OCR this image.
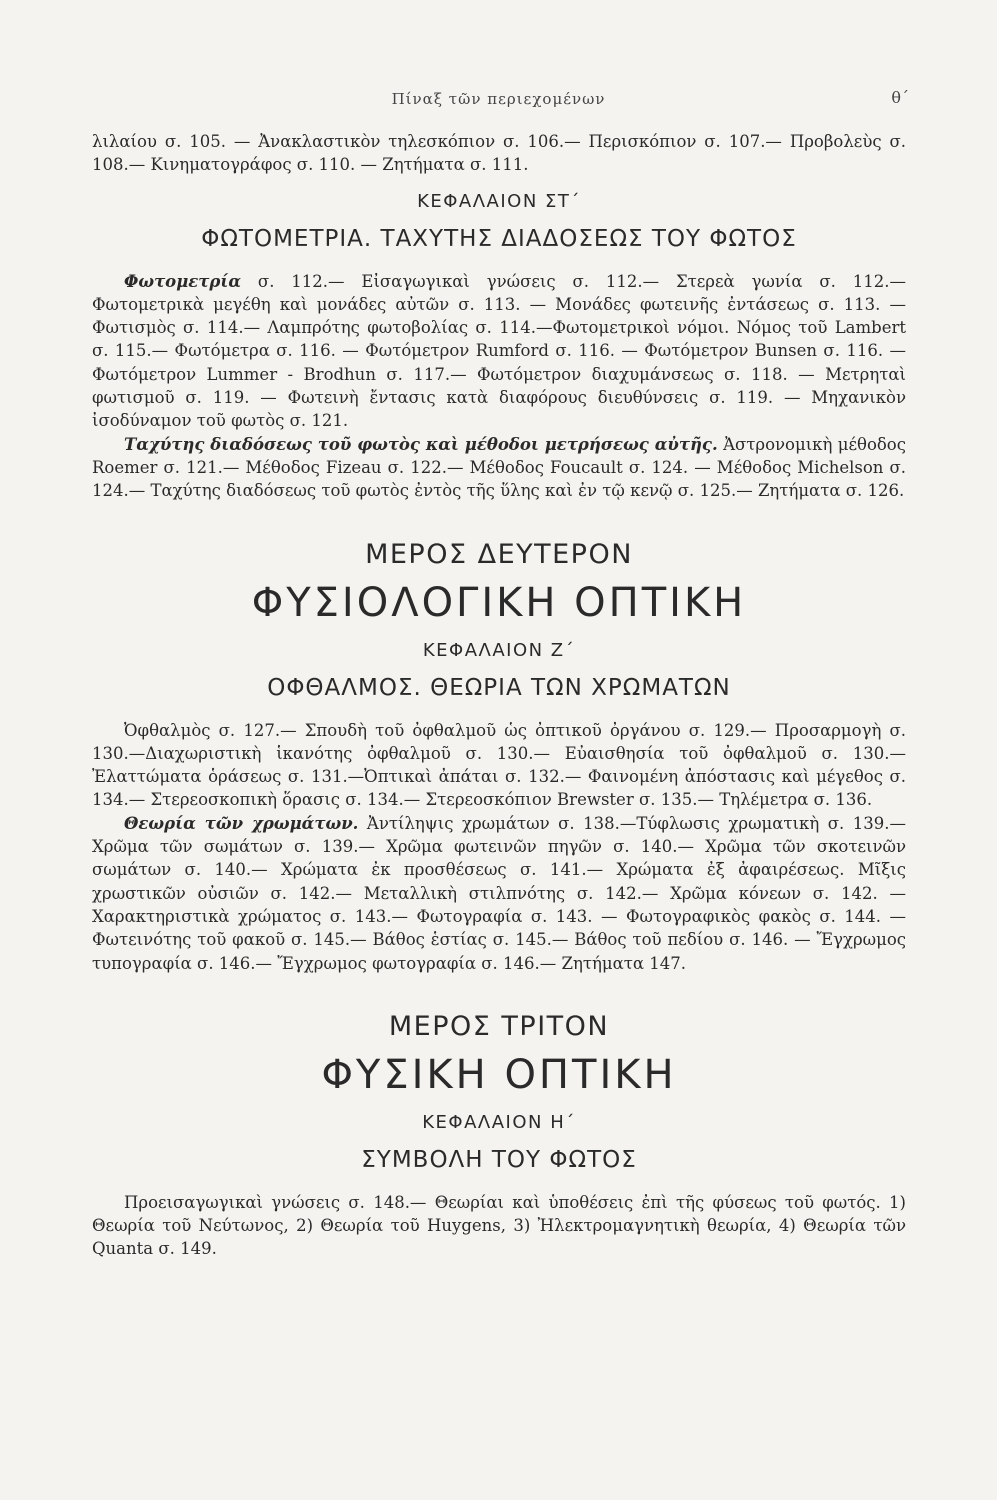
Πίναξ τῶν περιεχομένων	θ΄

λιλαίου σ. 105. — Ἀνακλαστικὸν τηλεσκόπιον σ. 106.— Περισκόπιον σ. 107.— Προβολεὺς σ. 108.— Κινηματογράφος σ. 110. — Ζητήματα σ. 111.

ΚΕΦΑΛΑΙΟΝ ΣΤ΄
ΦΩΤΟΜΕΤΡΙΑ. ΤΑΧΥΤΗΣ ΔΙΑΔΟΣΕΩΣ ΤΟΥ ΦΩΤΟΣ

Φωτομετρία σ. 112.— Εἰσαγωγικαὶ γνώσεις σ. 112.— Στερεὰ γωνία σ. 112.— Φωτομετρικὰ μεγέθη καὶ μονάδες αὐτῶν σ. 113. — Μονάδες φωτεινῆς ἐντάσεως σ. 113. — Φωτισμὸς σ. 114.— Λαμπρότης φωτοβολίας σ. 114.—Φωτομετρικοὶ νόμοι. Νόμος τοῦ Lambert σ. 115.— Φωτόμετρα σ. 116. — Φωτόμετρον Rumford σ. 116. — Φωτόμετρον Bunsen σ. 116. — Φωτόμετρον Lummer - Brodhun σ. 117.— Φωτόμετρον διαχυμάνσεως σ. 118. — Μετρηταὶ φωτισμοῦ σ. 119. — Φωτεινὴ ἔντασις κατὰ διαφόρους διευθύνσεις σ. 119. — Μηχανικὸν ἰσοδύναμον τοῦ φωτὸς σ. 121.

Ταχύτης διαδόσεως τοῦ φωτὸς καὶ μέθοδοι μετρήσεως αὐτῆς. Ἀστρονομικὴ μέθοδος Roemer σ. 121.— Μέθοδος Fizeau σ. 122.— Μέθοδος Foucault σ. 124. — Μέθοδος Michelson σ. 124.— Ταχύτης διαδόσεως τοῦ φωτὸς ἐντὸς τῆς ὕλης καὶ ἐν τῷ κενῷ σ. 125.— Ζητήματα σ. 126.

ΜΕΡΟΣ ΔΕΥΤΕΡΟΝ
ΦΥΣΙΟΛΟΓΙΚΗ ΟΠΤΙΚΗ
ΚΕΦΑΛΑΙΟΝ Ζ΄
ΟΦΘΑΛΜΟΣ. ΘΕΩΡΙΑ ΤΩΝ ΧΡΩΜΑΤΩΝ

Ὀφθαλμὸς σ. 127.— Σπουδὴ τοῦ ὀφθαλμοῦ ὡς ὀπτικοῦ ὀργάνου σ. 129.— Προσαρμογὴ σ. 130.—Διαχωριστικὴ ἱκανότης ὀφθαλμοῦ σ. 130.— Εὐαισθησία τοῦ ὀφθαλμοῦ σ. 130.— Ἐλαττώματα ὁράσεως σ. 131.—Ὀπτικαὶ ἀπάται σ. 132.— Φαινομένη ἀπόστασις καὶ μέγεθος σ. 134.— Στερεοσκοπικὴ ὅρασις σ. 134.— Στερεοσκόπιον Brewster σ. 135.— Τηλέμετρα σ. 136.

Θεωρία τῶν χρωμάτων. Ἀντίληψις χρωμάτων σ. 138.—Τύφλωσις χρωματικὴ σ. 139.— Χρῶμα τῶν σωμάτων σ. 139.— Χρῶμα φωτεινῶν πηγῶν σ. 140.— Χρῶμα τῶν σκοτεινῶν σωμάτων σ. 140.— Χρώματα ἐκ προσθέσεως σ. 141.— Χρώματα ἐξ ἀφαιρέσεως. Μῖξις χρωστικῶν οὐσιῶν σ. 142.— Μεταλλικὴ στιλπνότης σ. 142.— Χρῶμα κόνεων σ. 142. — Χαρακτηριστικὰ χρώματος σ. 143.— Φωτογραφία σ. 143. — Φωτογραφικὸς φακὸς σ. 144. — Φωτεινότης τοῦ φακοῦ σ. 145.— Βάθος ἑστίας σ. 145.— Βάθος τοῦ πεδίου σ. 146. — Ἔγχρωμος τυπογραφία σ. 146.— Ἔγχρωμος φωτογραφία σ. 146.— Ζητήματα 147.

ΜΕΡΟΣ ΤΡΙΤΟΝ
ΦΥΣΙΚΗ ΟΠΤΙΚΗ
ΚΕΦΑΛΑΙΟΝ Η΄
ΣΥΜΒΟΛΗ ΤΟΥ ΦΩΤΟΣ

Προεισαγωγικαὶ γνώσεις σ. 148.— Θεωρίαι καὶ ὑποθέσεις ἐπὶ τῆς φύσεως τοῦ φωτός. 1) Θεωρία τοῦ Νεύτωνος, 2) Θεωρία τοῦ Huygens, 3) Ἠλεκτρομαγνητικὴ θεωρία, 4) Θεωρία τῶν Quanta σ. 149.
